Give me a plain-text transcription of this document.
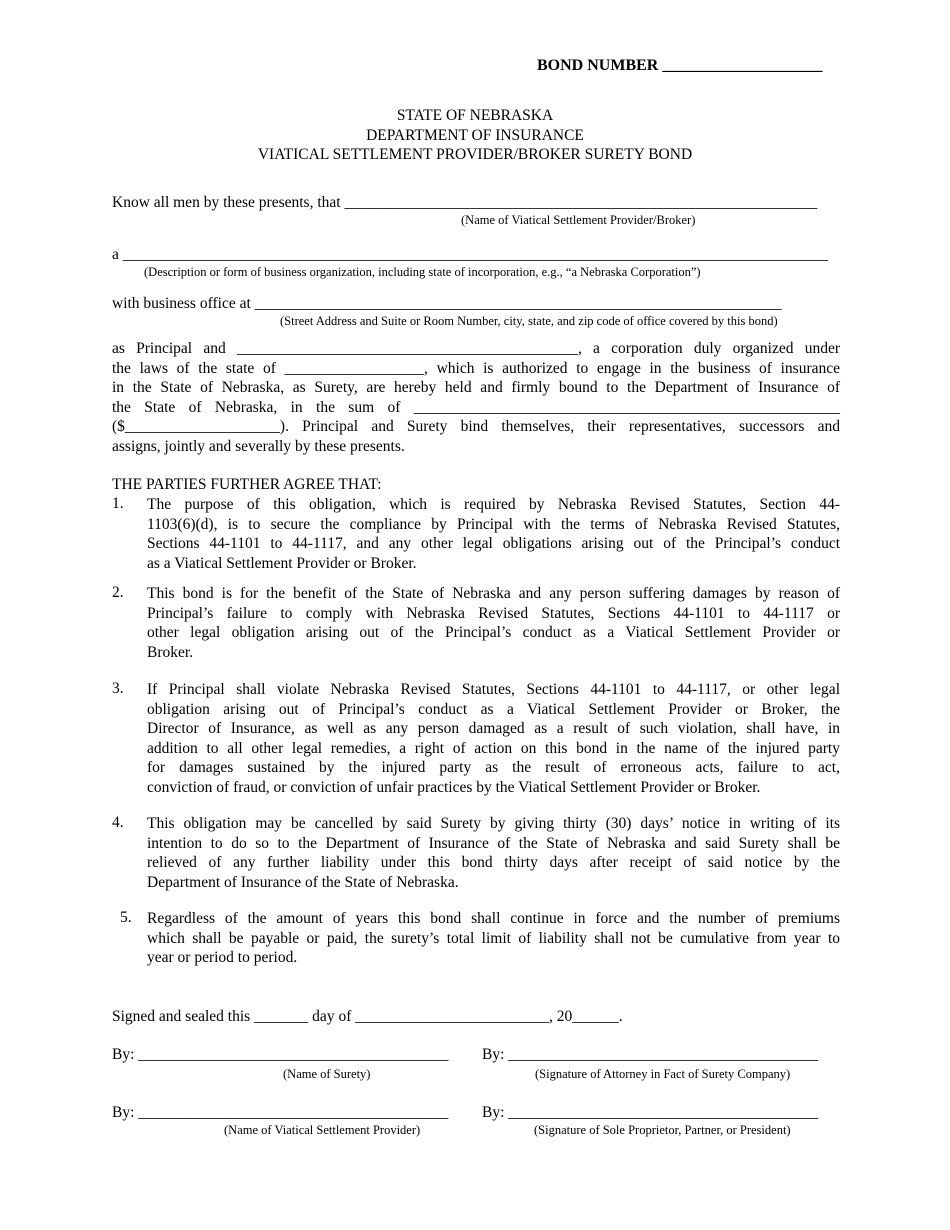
BOND NUMBER ____________________
STATE OF NEBRASKA
DEPARTMENT OF INSURANCE
VIATICAL SETTLEMENT PROVIDER/BROKER SURETY BOND
Know all men by these presents, that _____________________________________________________________
(Name of Viatical Settlement Provider/Broker)
a ___________________________________________________________________________________________
(Description or form of business organization, including state of incorporation, e.g., “a Nebraska Corporation”)
with business office at ____________________________________________________________________
(Street Address and Suite or Room Number, city, state, and zip code of office covered by this bond)
as Principal and ____________________________________________, a corporation duly organized under
the laws of the state of __________________, which is authorized to engage in the business of insurance
in the State of Nebraska, as Surety, are hereby held and firmly bound to the Department of Insurance of
the State of Nebraska, in the sum of _______________________________________________________
($____________________). Principal and Surety bind themselves, their representatives, successors and
assigns, jointly and severally by these presents.
THE PARTIES FURTHER AGREE THAT:
1. The purpose of this obligation, which is required by Nebraska Revised Statutes, Section 44-
1103(6)(d), is to secure the compliance by Principal with the terms of Nebraska Revised Statutes,
Sections 44-1101 to 44-1117, and any other legal obligations arising out of the Principal’s conduct
as a Viatical Settlement Provider or Broker.
2. This bond is for the benefit of the State of Nebraska and any person suffering damages by reason of
Principal’s failure to comply with Nebraska Revised Statutes, Sections 44-1101 to 44-1117 or
other legal obligation arising out of the Principal’s conduct as a Viatical Settlement Provider or
Broker.
3. If Principal shall violate Nebraska Revised Statutes, Sections 44-1101 to 44-1117, or other legal
obligation arising out of Principal’s conduct as a Viatical Settlement Provider or Broker, the
Director of Insurance, as well as any person damaged as a result of such violation, shall have, in
addition to all other legal remedies, a right of action on this bond in the name of the injured party
for damages sustained by the injured party as the result of erroneous acts, failure to act,
conviction of fraud, or conviction of unfair practices by the Viatical Settlement Provider or Broker.
4. This obligation may be cancelled by said Surety by giving thirty (30) days’ notice in writing of its
intention to do so to the Department of Insurance of the State of Nebraska and said Surety shall be
relieved of any further liability under this bond thirty days after receipt of said notice by the
Department of Insurance of the State of Nebraska.
5. Regardless of the amount of years this bond shall continue in force and the number of premiums
which shall be payable or paid, the surety’s total limit of liability shall not be cumulative from year to
year or period to period.
Signed and sealed this _______ day of _________________________, 20______.
By: ________________________________________
(Name of Surety)
By: ________________________________________
(Signature of Attorney in Fact of Surety Company)
By: ________________________________________
(Name of Viatical Settlement Provider)
By: ________________________________________
(Signature of Sole Proprietor, Partner, or President)
